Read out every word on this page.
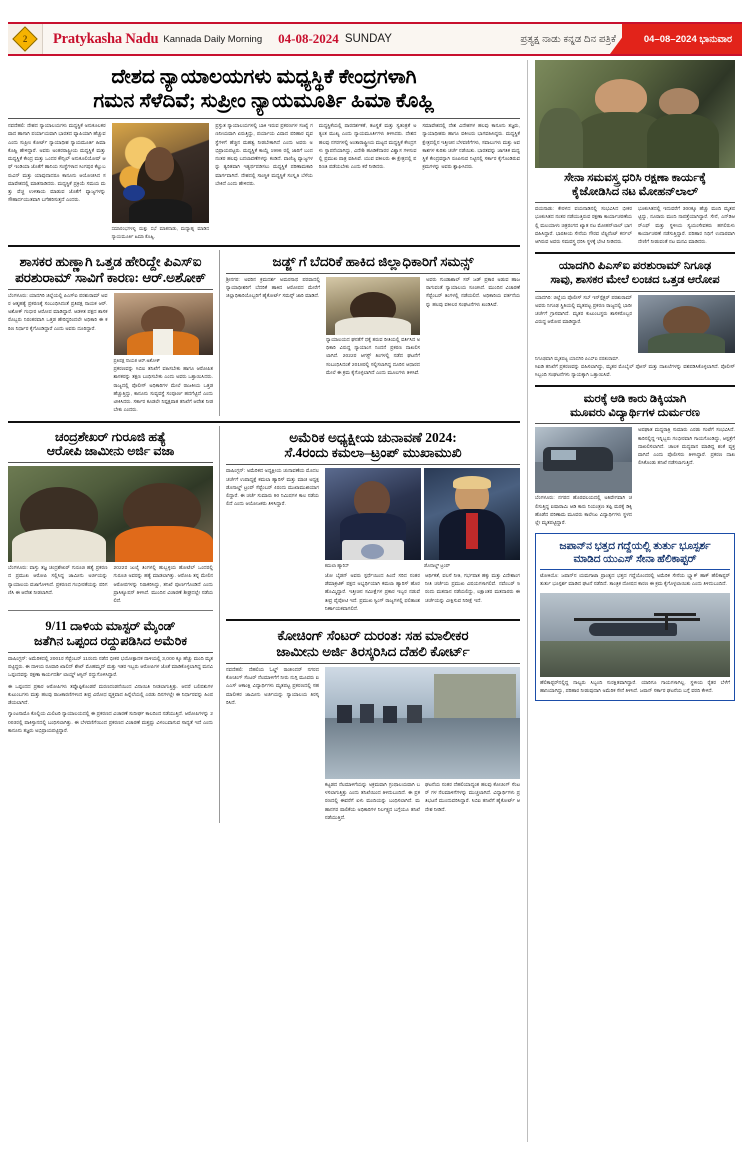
2 Pratykasha Nadu Kannada Daily Morning 04-08-2024 SUNDAY	ಪ್ರತ್ಯಕ್ಷ ನಾಡು ಕನ್ನಡ ದಿನ ಪತ್ರಿಕೆ	04–08–2024 ಭಾನುವಾರ
ದೇಶದ ನ್ಯಾಯಾಲಯಗಳು ಮಧ್ಯಸ್ಥಿಕೆ ಕೇಂದ್ರಗಳಾಗಿ
ಗಮನ ಸೆಳೆದಿವೆ; ಸುಪ್ರೀಂ ನ್ಯಾಯಮೂರ್ತಿ ಹಿಮಾ ಕೊಹ್ಲಿ
ನವದೆಹಲಿ: ದೇಶದ ನ್ಯಾಯಾಲಯಗಳು ಮಧ್ಯಸ್ಥಿಕೆ ಅನುಕೂಲಕರವಾದ ಹಾಗಾಗಿ ಪರ್ಯಾಯವಾಗಿ ಭಾರತದ ವ್ಯಾಪಿಯಾಗಿ ಹೆಚ್ಚುವ ಎಂದು ಸುಪ್ರೀಂ ಕೋರ್ಟ್ ನ್ಯಾಯಾಧೀಶ ನ್ಯಾಯಮೂರ್ತಿ ಹಿಮಾ ಕೊಹ್ಲಿ ಹೇಳಿದ್ದಾರೆ. ಅವರು ಅಂತರರಾಷ್ಟ್ರೀಯ ಮಧ್ಯಸ್ಥಿಕೆ ಮತ್ತು ಮಧ್ಯಸ್ಥಿಕೆ ಕೇಂದ್ರ ಮತ್ತು ಒಂದರ ಕೌನ್ಸಿಲ್ ಅನುಕೂಲಿಯೋಷ್ ಆಫ್ ಇಂಡಿಯಾ ಜೊತೆಗೆ ಹಾನಿಯ ಸಂಸ್ಥೆಗಳಾದ ಸಿಂಗಪುರ ಕೆಲ್ಲುಬರುವಿನ್ ಮತ್ತು ಯಾವುದಾದರೂ ಕಾನೂನು ಆಯೋಜಿಸಿದ ಸಮಾವೇಶದಲ್ಲಿ ಮಾತನಾಡಿದರು. ಮಧ್ಯಸ್ಥಿಕೆ ಪ್ರಕ್ರಿಯೆ ಸಮಯ ಮತ್ತು ವೆಚ್ಚ ಉಳಿತಾಯ ಮಾಡುವ ಜೊತೆಗೆ ವ್ಯಾಜ್ಯಗಳನ್ನು ಸೌಹಾರ್ದಯುತವಾಗಿ ಬಗೆಹರಿಸುತ್ತದೆ ಎಂದರು.
ಸಮಾರಂಭಗಳಲ್ಲಿ ಮತ್ತು ಸಭೆ ಮಾತನಾಡು, ಮಧ್ಯಾಹ್ನ ಮಾಡಿದ ನ್ಯಾಯಮೂರ್ತಿ ಹಿಮಾ ಕೊಹ್ಲಿ.
ಪ್ರಸ್ತುತ ನ್ಯಾಯಾಲಯಗಳಲ್ಲಿ ಬಾಕಿ ಇರುವ ಪ್ರಕರಣಗಳ ಸಂಖ್ಯೆ ಗಣನೀಯವಾಗಿ ಏರುತ್ತಿದ್ದು, ಪರ್ಯಾಯ ವಿವಾದ ಪರಿಹಾರ ವ್ಯವಸ್ಥೆಗಳಿಗೆ ಹೆಚ್ಚಿನ ಮಹತ್ವ ನೀಡಬೇಕಾಗಿದೆ ಎಂದು ಅವರು ಅಭಿಪ್ರಾಯಪಟ್ಟರು. ಮಧ್ಯಸ್ಥಿಕೆ ಕಾಯ್ದೆ 1996 ರಲ್ಲಿ ಜಾರಿಗೆ ಬಂದ ನಂತರ ಹಲವು ಬದಲಾವಣೆಗಳನ್ನು ಕಂಡಿದೆ. ವಾಣಿಜ್ಯ ವ್ಯಾಜ್ಯಗಳನ್ನು ತ್ವರಿತವಾಗಿ ಇತ್ಯರ್ಥಪಡಿಸಲು ಮಧ್ಯಸ್ಥಿಕೆ ಪರಿಣಾಮಕಾರಿ ಮಾರ್ಗವಾಗಿದೆ. ದೇಶದಲ್ಲಿ ಸಾಂಸ್ಥಿಕ ಮಧ್ಯಸ್ಥಿಕೆ ಸಂಸ್ಕೃತಿ ಬೆಳೆಯಬೇಕಿದೆ ಎಂದು ಹೇಳಿದರು.
ಮಧ್ಯಸ್ಥಿಕೆಯಲ್ಲಿ ಪಾರದರ್ಶಕತೆ, ತಟಸ್ಥತೆ ಮತ್ತು ಸ್ವತಂತ್ರತೆ ಅತ್ಯಂತ ಮುಖ್ಯ ಎಂದು ನ್ಯಾಯಮೂರ್ತಿಗಳು ತಿಳಿಸಿದರು. ದೇಶದ ಹಲವು ನಗರಗಳಲ್ಲಿ ಅಂತಾರಾಷ್ಟ್ರೀಯ ಮಟ್ಟದ ಮಧ್ಯಸ್ಥಿಕೆ ಕೇಂದ್ರಗಳು ಸ್ಥಾಪನೆಯಾಗಿದ್ದು, ವಿದೇಶಿ ಹೂಡಿಕೆದಾರರ ವಿಶ್ವಾಸ ಗಳಿಸುವಲ್ಲಿ ಪ್ರಮುಖ ಪಾತ್ರ ವಹಿಸಿವೆ. ಯುವ ವಕೀಲರು ಈ ಕ್ಷೇತ್ರದಲ್ಲಿ ಪರಿಣತಿ ಪಡೆಯಬೇಕು ಎಂದು ಕರೆ ನೀಡಿದರು.
ಸಮಾವೇಶದಲ್ಲಿ ದೇಶ ವಿದೇಶಗಳ ಹಲವು ಕಾನೂನು ತಜ್ಞರು, ನ್ಯಾಯಾಧೀಶರು ಹಾಗೂ ವಕೀಲರು ಭಾಗವಹಿಸಿದ್ದರು. ಮಧ್ಯಸ್ಥಿಕೆ ಕ್ಷೇತ್ರದಲ್ಲಿನ ಇತ್ತೀಚಿನ ಬೆಳವಣಿಗೆಗಳು, ಸವಾಲುಗಳು ಮತ್ತು ಅವಕಾಶಗಳ ಕುರಿತು ಚರ್ಚೆ ನಡೆಯಿತು. ಭಾರತವನ್ನು ಜಾಗತಿಕ ಮಧ್ಯಸ್ಥಿಕೆ ಕೇಂದ್ರವನ್ನಾಗಿ ರೂಪಿಸುವ ನಿಟ್ಟಿನಲ್ಲಿ ಸರ್ಕಾರ ಕೈಗೊಂಡಿರುವ ಕ್ರಮಗಳನ್ನು ಅವರು ಶ್ಲಾಘಿಸಿದರು.
ಶಾಸಕರ ಹುಣ್ಣಾಗಿ ಒತ್ತಡ ಹೇರಿದ್ದೇ ಪಿಎಸ್ಐ
ಪರಶುರಾಮ್ ಸಾವಿಗೆ ಕಾರಣ: ಆರ್.ಅಶೋಕ್
ಬೆಂಗಳೂರು: ಯಾದಗಿರಿ ಜಿಲ್ಲೆಯಲ್ಲಿ ಪಿಎಸ್ಐ ಪರಶುರಾಮ್ ಅವರ ಆತ್ಮಹತ್ಯೆ ಪ್ರಕರಣಕ್ಕೆ ಸಂಬಂಧಿಸಿದಂತೆ ಪ್ರತಿಪಕ್ಷ ನಾಯಕ ಆರ್.ಅಶೋಕ್ ಗಂಭೀರ ಆರೋಪ ಮಾಡಿದ್ದಾರೆ. ಆಡಳಿತ ಪಕ್ಷದ ಶಾಸಕರೊಬ್ಬರು ನಿರಂತರವಾಗಿ ಒತ್ತಡ ಹೇರಿದ್ದರಿಂದಲೇ ಅಧಿಕಾರಿ ಈ ಕಠಿಣ ನಿರ್ಧಾರ ಕೈಗೊಂಡಿದ್ದಾರೆ ಎಂದು ಅವರು ದೂರಿದ್ದಾರೆ.
ಪ್ರತಿಪಕ್ಷ ನಾಯಕ ಆರ್.ಅಶೋಕ್
ಪ್ರಕರಣವನ್ನು ಸಿಬಿಐ ತನಿಖೆಗೆ ವಹಿಸಬೇಕು ಹಾಗೂ ಆರೋಪಿತ ಶಾಸಕರನ್ನು ತಕ್ಷಣ ಬಂಧಿಸಬೇಕು ಎಂದು ಅವರು ಒತ್ತಾಯಿಸಿದರು. ರಾಜ್ಯದಲ್ಲಿ ಪೊಲೀಸ್ ಅಧಿಕಾರಿಗಳ ಮೇಲೆ ರಾಜಕೀಯ ಒತ್ತಡ ಹೆಚ್ಚುತ್ತಿದ್ದು, ಕಾನೂನು ಸುವ್ಯವಸ್ಥೆ ಸಂಪೂರ್ಣ ಹದಗೆಟ್ಟಿದೆ ಎಂದು ಟೀಕಿಸಿದರು. ಸರ್ಕಾರ ಕೂಡಲೇ ನಿಷ್ಪಕ್ಷಪಾತ ತನಿಖೆಗೆ ಆದೇಶ ನೀಡಬೇಕು ಎಂದರು.
ಜಡ್ಜ್ ಗೆ ಬೆದರಿಕೆ ಹಾಕಿದ ಜಿಲ್ಲಾಧಿಕಾರಿಗೆ ಸಮನ್ಸ್
ಶ್ರೀನಗರ: ಅವರಿನ ಕ್ರಮದರ್ಶ ಅಮರನಾಥ ಪರವಾದಲ್ಲಿ ನ್ಯಾಯಾಧೀಶರಿಗೆ ಬೆದರಿಕೆ ಹಾಕಿದ ಆರೋಪದ ಮೇರೆಗೆ ಜಿಲ್ಲಾಧಿಕಾರಿಯೊಬ್ಬರಿಗೆ ಹೈಕೋರ್ಟ್ ಸಮನ್ಸ್ ಜಾರಿ ಮಾಡಿದೆ.
ನ್ಯಾಯಾಲಯದ ಘನತೆಗೆ ಧಕ್ಕೆ ತರುವ ರೀತಿಯಲ್ಲಿ ವರ್ತಿಸಿದ ಅಧಿಕಾರಿ ವಿರುದ್ಧ ನ್ಯಾಯಾಂಗ ನಿಂದನೆ ಪ್ರಕರಣ ದಾಖಲಿಸಲಾಗಿದೆ. 2022ರ ಆಗಸ್ಟ್ ತಿಂಗಳಲ್ಲಿ ನಡೆದ ಘಟನೆಗೆ ಸಂಬಂಧಿಸಿದಂತೆ 2018ರಲ್ಲಿ ಸಲ್ಲಿಸಲಾಗಿದ್ದ ದೂರಿನ ಆಧಾರದ ಮೇಲೆ ಈ ಕ್ರಮ ಕೈಗೊಳ್ಳಲಾಗಿದೆ ಎಂದು ಮೂಲಗಳು ತಿಳಿಸಿವೆ.
ಅವರು ಗುಂಡಾಶಾಲ್ ಸರ್ ಜಡ್ ಪ್ರಕಾರ ಅಡುವ ಹಾಜರಾಗುವಂತೆ ನ್ಯಾಯಾಲಯ ಸೂಚಿಸಿದೆ. ಮುಂದಿನ ವಿಚಾರಣೆ ಸೆಪ್ಟೆಂಬರ್ ತಿಂಗಳಲ್ಲಿ ನಡೆಯಲಿದೆ. ಅಧಿಕಾರಿಯ ವರ್ತನೆಯನ್ನು ಹಲವು ವಕೀಲರ ಸಂಘಟನೆಗಳು ಖಂಡಿಸಿವೆ.
ಚಂದ್ರಶೇಖರ್ ಗುರೂಜಿ ಹತ್ಯೆ
ಆರೋಪಿ ಜಾಮೀನು ಅರ್ಜಿ ವಜಾ
ಬೆಂಗಳೂರು: ವಾಸ್ತು ತಜ್ಞ ಚಂದ್ರಶೇಖರ್ ಗುರೂಜಿ ಹತ್ಯೆ ಪ್ರಕರಣದ ಪ್ರಮುಖ ಆರೋಪಿ ಸಲ್ಲಿಸಿದ್ದ ಜಾಮೀನು ಅರ್ಜಿಯನ್ನು ನ್ಯಾಯಾಲಯ ವಜಾಗೊಳಿಸಿದೆ. ಪ್ರಕರಣದ ಗಂಭೀರತೆಯನ್ನು ಪರಿಗಣಿಸಿ ಈ ಆದೇಶ ನೀಡಲಾಗಿದೆ.
2022ರ ಜುಲೈ ತಿಂಗಳಲ್ಲಿ ಹುಬ್ಬಳ್ಳಿಯ ಹೋಟೆಲ್ ಒಂದರಲ್ಲಿ ಗುರೂಜಿ ಅವರನ್ನು ಹತ್ಯೆ ಮಾಡಲಾಗಿತ್ತು. ಆರೋಪಿ ತನ್ನ ಮೇಲಿನ ಆರೋಪಗಳನ್ನು ನಿರಾಕರಿಸಿದ್ದು, ತನಿಖೆ ಪೂರ್ಣಗೊಂಡಿದೆ ಎಂದು ಪ್ರಾಸಿಕ್ಯೂಷನ್ ತಿಳಿಸಿದೆ. ಮುಂದಿನ ವಿಚಾರಣೆ ಶೀಘ್ರದಲ್ಲೇ ನಡೆಯಲಿದೆ.
9/11 ದಾಳಿಯ ಮಾಸ್ಟರ್ ಮೈಂಡ್
ಜತೆಗಿನ ಒಪ್ಪಂದ ರದ್ದುಪಡಿಸಿದ ಅಮೆರಿಕ
ವಾಷಿಂಗ್ಟನ್: ಅಮೆರಿಕದಲ್ಲಿ 2001ರ ಸೆಪ್ಟೆಂಬರ್ 11ರಂದು ನಡೆದ ಭೀಕರ ಭಯೋತ್ಪಾದಕ ದಾಳಿಯಲ್ಲಿ 3,000 ಕ್ಕೂ ಹೆಚ್ಚು ಮಂದಿ ಮೃತಪಟ್ಟಿದ್ದರು. ಈ ದಾಳಿಯ ರೂವಾರಿ ಖಾಲಿದ್ ಶೇಖ್ ಮೊಹಮ್ಮದ್ ಮತ್ತು ಇತರ ಇಬ್ಬರು ಆರೋಪಿಗಳ ಜೊತೆ ಮಾಡಿಕೊಳ್ಳಲಾಗಿದ್ದ ಮನವಿ ಒಪ್ಪಂದವನ್ನು ರಕ್ಷಣಾ ಕಾರ್ಯದರ್ಶಿ ಲಾಯ್ಡ್ ಆಸ್ಟಿನ್ ರದ್ದುಗೊಳಿಸಿದ್ದಾರೆ.
ಈ ಒಪ್ಪಂದದ ಪ್ರಕಾರ ಆರೋಪಿಗಳು ತಪ್ಪೊಪ್ಪಿಕೊಂಡರೆ ಮರಣದಂಡನೆಯಿಂದ ವಿನಾಯಿತಿ ನೀಡಲಾಗುತ್ತಿತ್ತು. ಆದರೆ ಬಲಿಪಶುಗಳ ಕುಟುಂಬಗಳು ಮತ್ತು ಹಲವು ರಾಜಕಾರಣಿಗಳಿಂದ ತೀವ್ರ ವಿರೋಧ ವ್ಯಕ್ತವಾದ ಹಿನ್ನೆಲೆಯಲ್ಲಿ ಎರಡು ದಿನಗಳಲ್ಲೇ ಈ ನಿರ್ಧಾರವನ್ನು ಹಿಂಪಡೆಯಲಾಗಿದೆ.
ಗ್ವಾಂಟನಾಮೊ ಕೊಲ್ಲಿಯ ಮಿಲಿಟರಿ ನ್ಯಾಯಾಲಯದಲ್ಲಿ ಈ ಪ್ರಕರಣದ ವಿಚಾರಣೆ ಸುದೀರ್ಘ ಕಾಲದಿಂದ ನಡೆಯುತ್ತಿದೆ. ಆರೋಪಿಗಳನ್ನು 2003ರಲ್ಲಿ ಪಾಕಿಸ್ತಾನದಲ್ಲಿ ಬಂಧಿಸಲಾಗಿತ್ತು. ಈ ಬೆಳವಣಿಗೆಯಿಂದ ಪ್ರಕರಣದ ವಿಚಾರಣೆ ಮತ್ತಷ್ಟು ವಿಳಂಬವಾಗುವ ಸಾಧ್ಯತೆ ಇದೆ ಎಂದು ಕಾನೂನು ತಜ್ಞರು ಅಭಿಪ್ರಾಯಪಟ್ಟಿದ್ದಾರೆ.
ಅಮೆರಿಕ ಅಧ್ಯಕ್ಷೀಯ ಚುನಾವಣೆ 2024:
ಸೆ.4ರಂದು ಕಮಲಾ–ಟ್ರಂಪ್ ಮುಖಾಮುಖಿ
ವಾಷಿಂಗ್ಟನ್: ಅಮೆರಿಕದ ಅಧ್ಯಕ್ಷೀಯ ಚುನಾವಣೆಯ ಮೊದಲ ಚರ್ಚೆಗೆ ಉಪಾಧ್ಯಕ್ಷೆ ಕಮಲಾ ಹ್ಯಾರಿಸ್ ಮತ್ತು ಮಾಜಿ ಅಧ್ಯಕ್ಷ ಡೊನಾಲ್ಡ್ ಟ್ರಂಪ್ ಸೆಪ್ಟೆಂಬರ್ 4ರಂದು ಮುಖಾಮುಖಿಯಾಗಲಿದ್ದಾರೆ. ಈ ಚರ್ಚೆ ಸುಮಾರು 90 ನಿಮಿಷಗಳ ಕಾಲ ನಡೆಯಲಿದೆ ಎಂದು ಆಯೋಜಕರು ತಿಳಿಸಿದ್ದಾರೆ.
ಕಮಲಾ ಹ್ಯಾರಿಸ್	ಡೊನಾಲ್ಡ್ ಟ್ರಂಪ್
ಜೋ ಬೈಡನ್ ಅವರು ಸ್ಪರ್ಧೆಯಿಂದ ಹಿಂದೆ ಸರಿದ ನಂತರ ಡೆಮಾಕ್ರಟಿಕ್ ಪಕ್ಷದ ಅಭ್ಯರ್ಥಿಯಾಗಿ ಕಮಲಾ ಹ್ಯಾರಿಸ್ ಹೊರಹೊಮ್ಮಿದ್ದಾರೆ. ಇತ್ತೀಚಿನ ಸಮೀಕ್ಷೆಗಳ ಪ್ರಕಾರ ಇಬ್ಬರ ನಡುವೆ ತೀವ್ರ ಪೈಪೋಟಿ ಇದೆ. ಪ್ರಮುಖ ಸ್ವಿಂಗ್ ರಾಜ್ಯಗಳಲ್ಲಿ ಫಲಿತಾಂಶ ನಿರ್ಣಾಯಕವಾಗಲಿದೆ.
ಆರ್ಥಿಕತೆ, ವಲಸೆ ನೀತಿ, ಗರ್ಭಪಾತ ಹಕ್ಕು ಮತ್ತು ವಿದೇಶಾಂಗ ನೀತಿ ಚರ್ಚೆಯ ಪ್ರಮುಖ ವಿಷಯಗಳಾಗಲಿವೆ. ನವೆಂಬರ್ 5ರಂದು ಮತದಾನ ನಡೆಯಲಿದ್ದು, ಲಕ್ಷಾಂತರ ಮತದಾರರು ಈ ಚರ್ಚೆಯನ್ನು ವೀಕ್ಷಿಸುವ ನಿರೀಕ್ಷೆ ಇದೆ.
ಕೋಚಿಂಗ್ ಸೆಂಟರ್ ದುರಂತ: ಸಹ ಮಾಲೀಕರ
ಜಾಮೀನು ಅರ್ಜಿ ತಿರಸ್ಕರಿಸಿದ ದೆಹಲಿ ಕೋರ್ಟ್
ನವದೆಹಲಿ: ದೆಹಲಿಯ ಓಲ್ಡ್ ರಾಜೀಂದರ್ ನಗರದ ಕೋಚಿಂಗ್ ಸೆಂಟರ್ ನೆಲಮಾಳಿಗೆಗೆ ನೀರು ನುಗ್ಗಿ ಮೂವರು ಐಎಎಸ್ ಆಕಾಂಕ್ಷಿ ವಿದ್ಯಾರ್ಥಿಗಳು ಮೃತಪಟ್ಟ ಪ್ರಕರಣದಲ್ಲಿ ಸಹ ಮಾಲೀಕರ ಜಾಮೀನು ಅರ್ಜಿಯನ್ನು ನ್ಯಾಯಾಲಯ ತಿರಸ್ಕರಿಸಿದೆ.
ಕಟ್ಟಡದ ನೆಲಮಾಳಿಗೆಯನ್ನು ಅಕ್ರಮವಾಗಿ ಗ್ರಂಥಾಲಯವಾಗಿ ಬಳಸಲಾಗುತ್ತಿತ್ತು ಎಂದು ತನಿಖೆಯಿಂದ ತಿಳಿದುಬಂದಿದೆ. ಈ ಪ್ರಕರಣದಲ್ಲಿ ಈವರೆಗೆ ಏಳು ಮಂದಿಯನ್ನು ಬಂಧಿಸಲಾಗಿದೆ. ಮಹಾನಗರ ಪಾಲಿಕೆಯ ಅಧಿಕಾರಿಗಳ ನಿರ್ಲಕ್ಷ್ಯದ ಬಗ್ಗೆಯೂ ತನಿಖೆ ನಡೆಯುತ್ತಿದೆ.
ಘಟನೆಯ ನಂತರ ದೆಹಲಿಯಾದ್ಯಂತ ಹಲವು ಕೋಚಿಂಗ್ ಸೆಂಟರ್ ಗಳ ನೆಲಮಾಳಿಗೆಗಳನ್ನು ಮುಚ್ಚಲಾಗಿದೆ. ವಿದ್ಯಾರ್ಥಿಗಳು ಪ್ರತಿಭಟನೆ ಮುಂದುವರಿಸಿದ್ದಾರೆ. ಸಿಬಿಐ ತನಿಖೆಗೆ ಹೈಕೋರ್ಟ್ ಆದೇಶ ನೀಡಿದೆ.
ಸೇನಾ ಸಮವಸ್ತ್ರ ಧರಿಸಿ ರಕ್ಷಣಾ ಕಾರ್ಯಕ್ಕೆ
ಕೈಜೋಡಿಸಿದ ನಟ ಮೋಹನ್‌ಲಾಲ್
ವಯನಾಡು: ಕೇರಳದ ವಯನಾಡಿನಲ್ಲಿ ಸಂಭವಿಸಿದ ಭೀಕರ ಭೂಕುಸಿತದ ನಂತರ ನಡೆಯುತ್ತಿರುವ ರಕ್ಷಣಾ ಕಾರ್ಯಾಚರಣೆಯಲ್ಲಿ ಮಲಯಾಳಂ ಚಿತ್ರರಂಗದ ಖ್ಯಾತ ನಟ ಮೋಹನ್‌ಲಾಲ್ ಭಾಗವಹಿಸಿದ್ದಾರೆ. ಭಾರತೀಯ ಸೇನೆಯ ಗೌರವ ಲೆಫ್ಟಿನೆಂಟ್ ಕರ್ನಲ್ ಆಗಿರುವ ಅವರು ಸಮವಸ್ತ್ರ ಧರಿಸಿ ಸ್ಥಳಕ್ಕೆ ಭೇಟಿ ನೀಡಿದರು.
ಭೂಕುಸಿತದಲ್ಲಿ ಇದುವರೆಗೆ 300ಕ್ಕೂ ಹೆಚ್ಚು ಮಂದಿ ಮೃತಪಟ್ಟಿದ್ದು, ನೂರಾರು ಮಂದಿ ನಾಪತ್ತೆಯಾಗಿದ್ದಾರೆ. ಸೇನೆ, ಎನ್‌ಡಿಆರ್‌ಎಫ್ ಮತ್ತು ಸ್ಥಳೀಯ ಸ್ವಯಂಸೇವಕರು ಹಗಲಿರುಳು ಕಾರ್ಯಾಚರಣೆ ನಡೆಸುತ್ತಿದ್ದಾರೆ. ಪರಿಹಾರ ನಿಧಿಗೆ ಉದಾರವಾಗಿ ದೇಣಿಗೆ ನೀಡುವಂತೆ ನಟ ಮನವಿ ಮಾಡಿದರು.
ಯಾದಗಿರಿ ಪಿಎಸ್ಐ ಪರಶುರಾಮ್ ನಿಗೂಢ
ಸಾವು, ಶಾಸಕರ ಮೇಲೆ ಲಂಚದ ಒತ್ತಡ ಆರೋಪ
ಯಾದಗಿರಿ: ಜಿಲ್ಲೆಯ ಪೊಲೀಸ್ ಸಬ್ ಇನ್‌ಸ್ಪೆಕ್ಟರ್ ಪರಶುರಾಮ್ ಅವರು ನಿಗೂಢ ಸ್ಥಿತಿಯಲ್ಲಿ ಮೃತಪಟ್ಟ ಪ್ರಕರಣ ರಾಜ್ಯದಲ್ಲಿ ಭಾರೀ ಚರ್ಚೆಗೆ ಗ್ರಾಸವಾಗಿದೆ. ಮೃತರ ಕುಟುಂಬಸ್ಥರು ಶಾಸಕರೊಬ್ಬರ ವಿರುದ್ಧ ಆರೋಪ ಮಾಡಿದ್ದಾರೆ.
ನಿಗೂಢವಾಗಿ ಮೃತಪಟ್ಟ ಯಾದಗಿರಿ ಪಿಎಸ್ಐ ಪರಶುರಾಮ್.
ಸಿಐಡಿ ತನಿಖೆಗೆ ಪ್ರಕರಣವನ್ನು ವಹಿಸಲಾಗಿದ್ದು, ಮೃತರ ಮೊಬೈಲ್ ಫೋನ್ ಮತ್ತು ದಾಖಲೆಗಳನ್ನು ವಶಪಡಿಸಿಕೊಳ್ಳಲಾಗಿದೆ. ಪೊಲೀಸ್ ಸಿಬ್ಬಂದಿ ಸಂಘಟನೆಗಳು ನ್ಯಾಯಕ್ಕಾಗಿ ಒತ್ತಾಯಿಸಿವೆ.
ಮರಕ್ಕೆ ಆಡಿ ಕಾರು ಡಿಕ್ಕಿಯಾಗಿ
ಮೂವರು ವಿದ್ಯಾರ್ಥಿಗಳ ದುರ್ಮರಣ
ಬೆಂಗಳೂರು: ನಗರದ ಹೊರವಲಯದಲ್ಲಿ ಅತಿವೇಗವಾಗಿ ಚಲಿಸುತ್ತಿದ್ದ ಐಷಾರಾಮಿ ಆಡಿ ಕಾರು ನಿಯಂತ್ರಣ ತಪ್ಪಿ ಮರಕ್ಕೆ ಡಿಕ್ಕಿ ಹೊಡೆದ ಪರಿಣಾಮ ಮೂವರು ಕಾಲೇಜು ವಿದ್ಯಾರ್ಥಿಗಳು ಸ್ಥಳದಲ್ಲೇ ಮೃತಪಟ್ಟಿದ್ದಾರೆ.
ಅಪಘಾತ ಮಧ್ಯರಾತ್ರಿ ಸುಮಾರು ಎರಡು ಗಂಟೆಗೆ ಸಂಭವಿಸಿದೆ. ಕಾರಿನಲ್ಲಿದ್ದ ಇನ್ನಿಬ್ಬರು ಗಂಭೀರವಾಗಿ ಗಾಯಗೊಂಡಿದ್ದು, ಆಸ್ಪತ್ರೆಗೆ ದಾಖಲಿಸಲಾಗಿದೆ. ಚಾಲಕ ಮದ್ಯಪಾನ ಮಾಡಿದ್ದ ಶಂಕೆ ವ್ಯಕ್ತವಾಗಿದೆ ಎಂದು ಪೊಲೀಸರು ತಿಳಿಸಿದ್ದಾರೆ. ಪ್ರಕರಣ ದಾಖಲಿಸಿಕೊಂಡು ತನಿಖೆ ನಡೆಸಲಾಗುತ್ತಿದೆ.
ಜಪಾನ್‌ನ ಭತ್ತದ ಗದ್ದೆಯಲ್ಲಿ ತುರ್ತು ಭೂಸ್ಪರ್ಶ
ಮಾಡಿದ ಯುಎಸ್ ಸೇನಾ ಹೆಲಿಕಾಪ್ಟರ್
ಟೋಕಿಯೊ: ಜಪಾನ್‌ನ ಯಮಗಾಟಾ ಪ್ರಾಂತ್ಯದ ಭತ್ತದ ಗದ್ದೆಯೊಂದರಲ್ಲಿ ಅಮೆರಿಕ ಸೇನೆಯ ಬ್ಲ್ಯಾಕ್ ಹಾಕ್ ಹೆಲಿಕಾಪ್ಟರ್ ತುರ್ತು ಭೂಸ್ಪರ್ಶ ಮಾಡಿದ ಘಟನೆ ನಡೆದಿದೆ. ತಾಂತ್ರಿಕ ದೋಷದ ಕಾರಣ ಈ ಕ್ರಮ ಕೈಗೊಳ್ಳಲಾಯಿತು ಎಂದು ತಿಳಿದುಬಂದಿದೆ.
ಹೆಲಿಕಾಪ್ಟರ್‌ನಲ್ಲಿದ್ದ ನಾಲ್ವರು ಸಿಬ್ಬಂದಿ ಸುರಕ್ಷಿತವಾಗಿದ್ದಾರೆ. ಯಾರಿಗೂ ಗಾಯಗಳಾಗಿಲ್ಲ. ಸ್ಥಳೀಯ ರೈತರ ಬೆಳೆಗೆ ಹಾನಿಯಾಗಿದ್ದು, ಪರಿಹಾರ ನೀಡುವುದಾಗಿ ಅಮೆರಿಕ ಸೇನೆ ತಿಳಿಸಿದೆ. ಜಪಾನ್ ಸರ್ಕಾರ ಘಟನೆಯ ಬಗ್ಗೆ ವರದಿ ಕೇಳಿದೆ.
